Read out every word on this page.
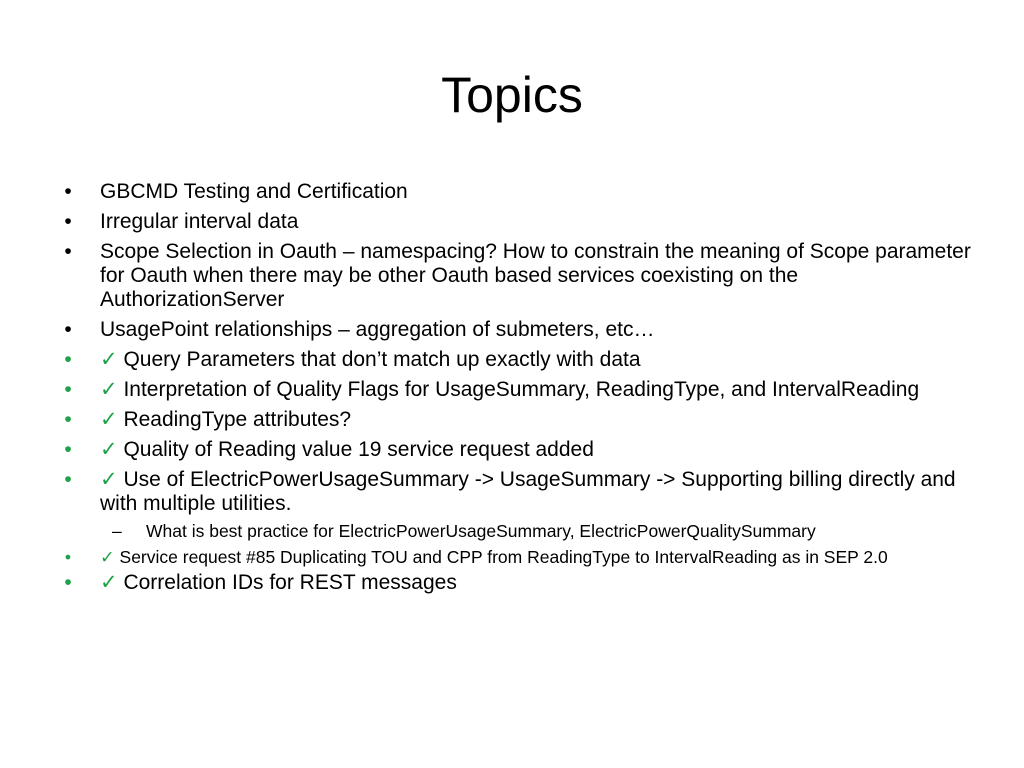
Topics
•	GBCMD Testing and Certification
•	Irregular interval data
•	Scope Selection in Oauth – namespacing? How to constrain the meaning of Scope parameter for Oauth when there may be other Oauth based services coexisting on the AuthorizationServer
•	UsagePoint relationships – aggregation of submeters, etc…
•	✓ Query Parameters that don’t match up exactly with data
•	✓ Interpretation of Quality Flags for UsageSummary, ReadingType, and IntervalReading
•	✓ ReadingType attributes?
•	✓ Quality of Reading value 19 service request added
•	✓ Use of ElectricPowerUsageSummary -> UsageSummary -> Supporting billing directly and with multiple utilities.
– What is best practice for ElectricPowerUsageSummary, ElectricPowerQualitySummary
•	✓ Service request #85 Duplicating TOU and CPP from ReadingType to IntervalReading as in SEP 2.0
•	✓ Correlation IDs for REST messages
